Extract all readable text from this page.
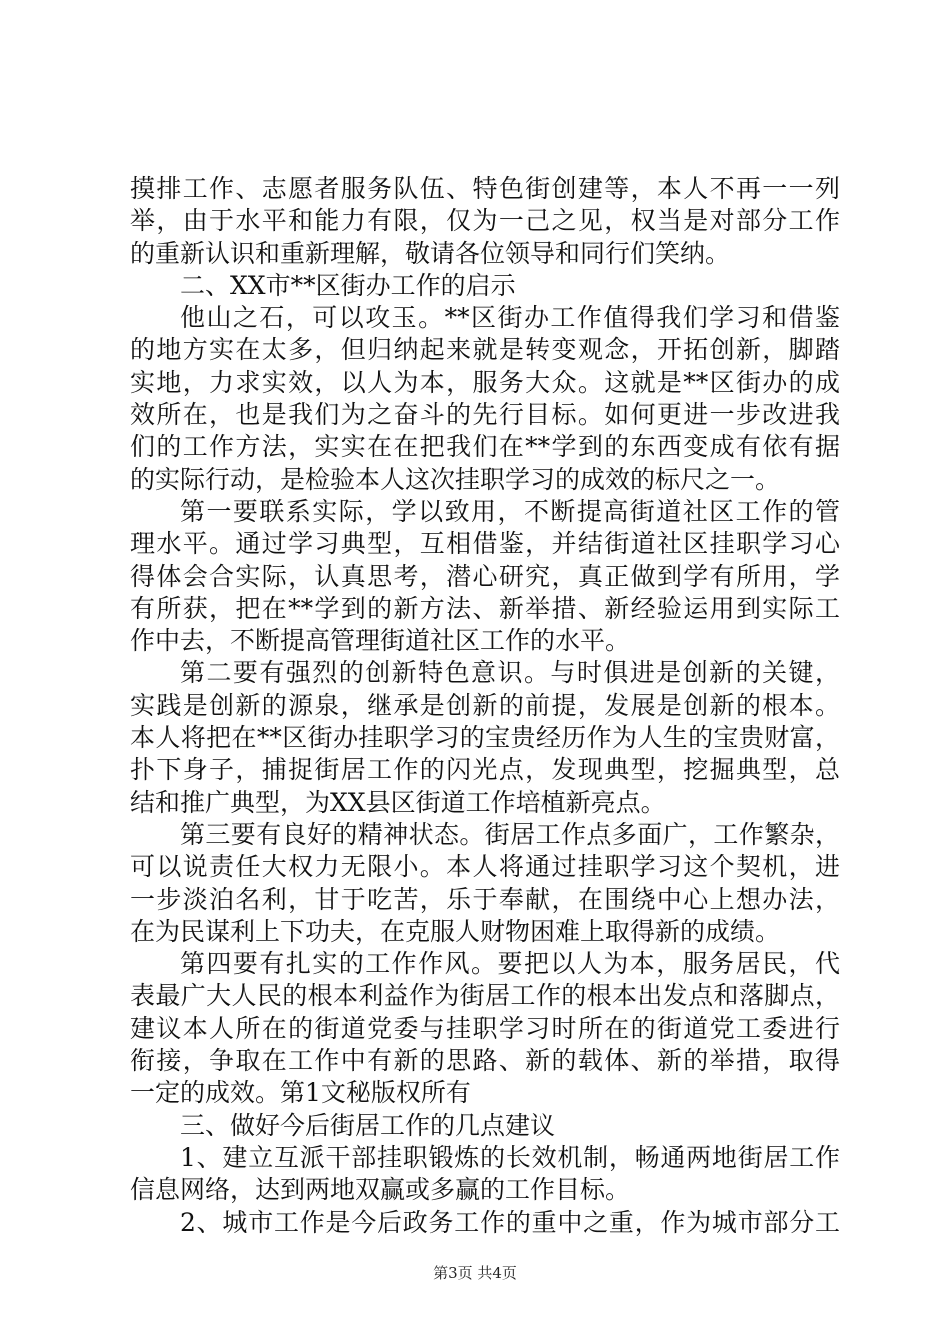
摸排工作、志愿者服务队伍、特色街创建等，本人不再一一列
举，由于水平和能力有限，仅为一己之见，权当是对部分工作
的重新认识和重新理解，敬请各位领导和同行们笑纳。
二、XX市**区街办工作的启示
他山之石，可以攻玉。**区街办工作值得我们学习和借鉴
的地方实在太多，但归纳起来就是转变观念，开拓创新，脚踏
实地，力求实效，以人为本，服务大众。这就是**区街办的成
效所在，也是我们为之奋斗的先行目标。如何更进一步改进我
们的工作方法，实实在在把我们在**学到的东西变成有依有据
的实际行动，是检验本人这次挂职学习的成效的标尺之一。
第一要联系实际，学以致用，不断提高街道社区工作的管
理水平。通过学习典型，互相借鉴，并结街道社区挂职学习心
得体会合实际，认真思考，潜心研究，真正做到学有所用，学
有所获，把在**学到的新方法、新举措、新经验运用到实际工
作中去，不断提高管理街道社区工作的水平。
第二要有强烈的创新特色意识。与时俱进是创新的关键，
实践是创新的源泉，继承是创新的前提，发展是创新的根本。
本人将把在**区街办挂职学习的宝贵经历作为人生的宝贵财富，
扑下身子，捕捉街居工作的闪光点，发现典型，挖掘典型，总
结和推广典型，为XX县区街道工作培植新亮点。
第三要有良好的精神状态。街居工作点多面广，工作繁杂，
可以说责任大权力无限小。本人将通过挂职学习这个契机，进
一步淡泊名利，甘于吃苦，乐于奉献，在围绕中心上想办法，
在为民谋利上下功夫，在克服人财物困难上取得新的成绩。
第四要有扎实的工作作风。要把以人为本，服务居民，代
表最广大人民的根本利益作为街居工作的根本出发点和落脚点，
建议本人所在的街道党委与挂职学习时所在的街道党工委进行
衔接，争取在工作中有新的思路、新的载体、新的举措，取得
一定的成效。第1文秘版权所有
三、做好今后街居工作的几点建议
1、建立互派干部挂职锻炼的长效机制，畅通两地街居工作
信息网络，达到两地双赢或多赢的工作目标。
2、城市工作是今后政务工作的重中之重，作为城市部分工
第3页 共4页
